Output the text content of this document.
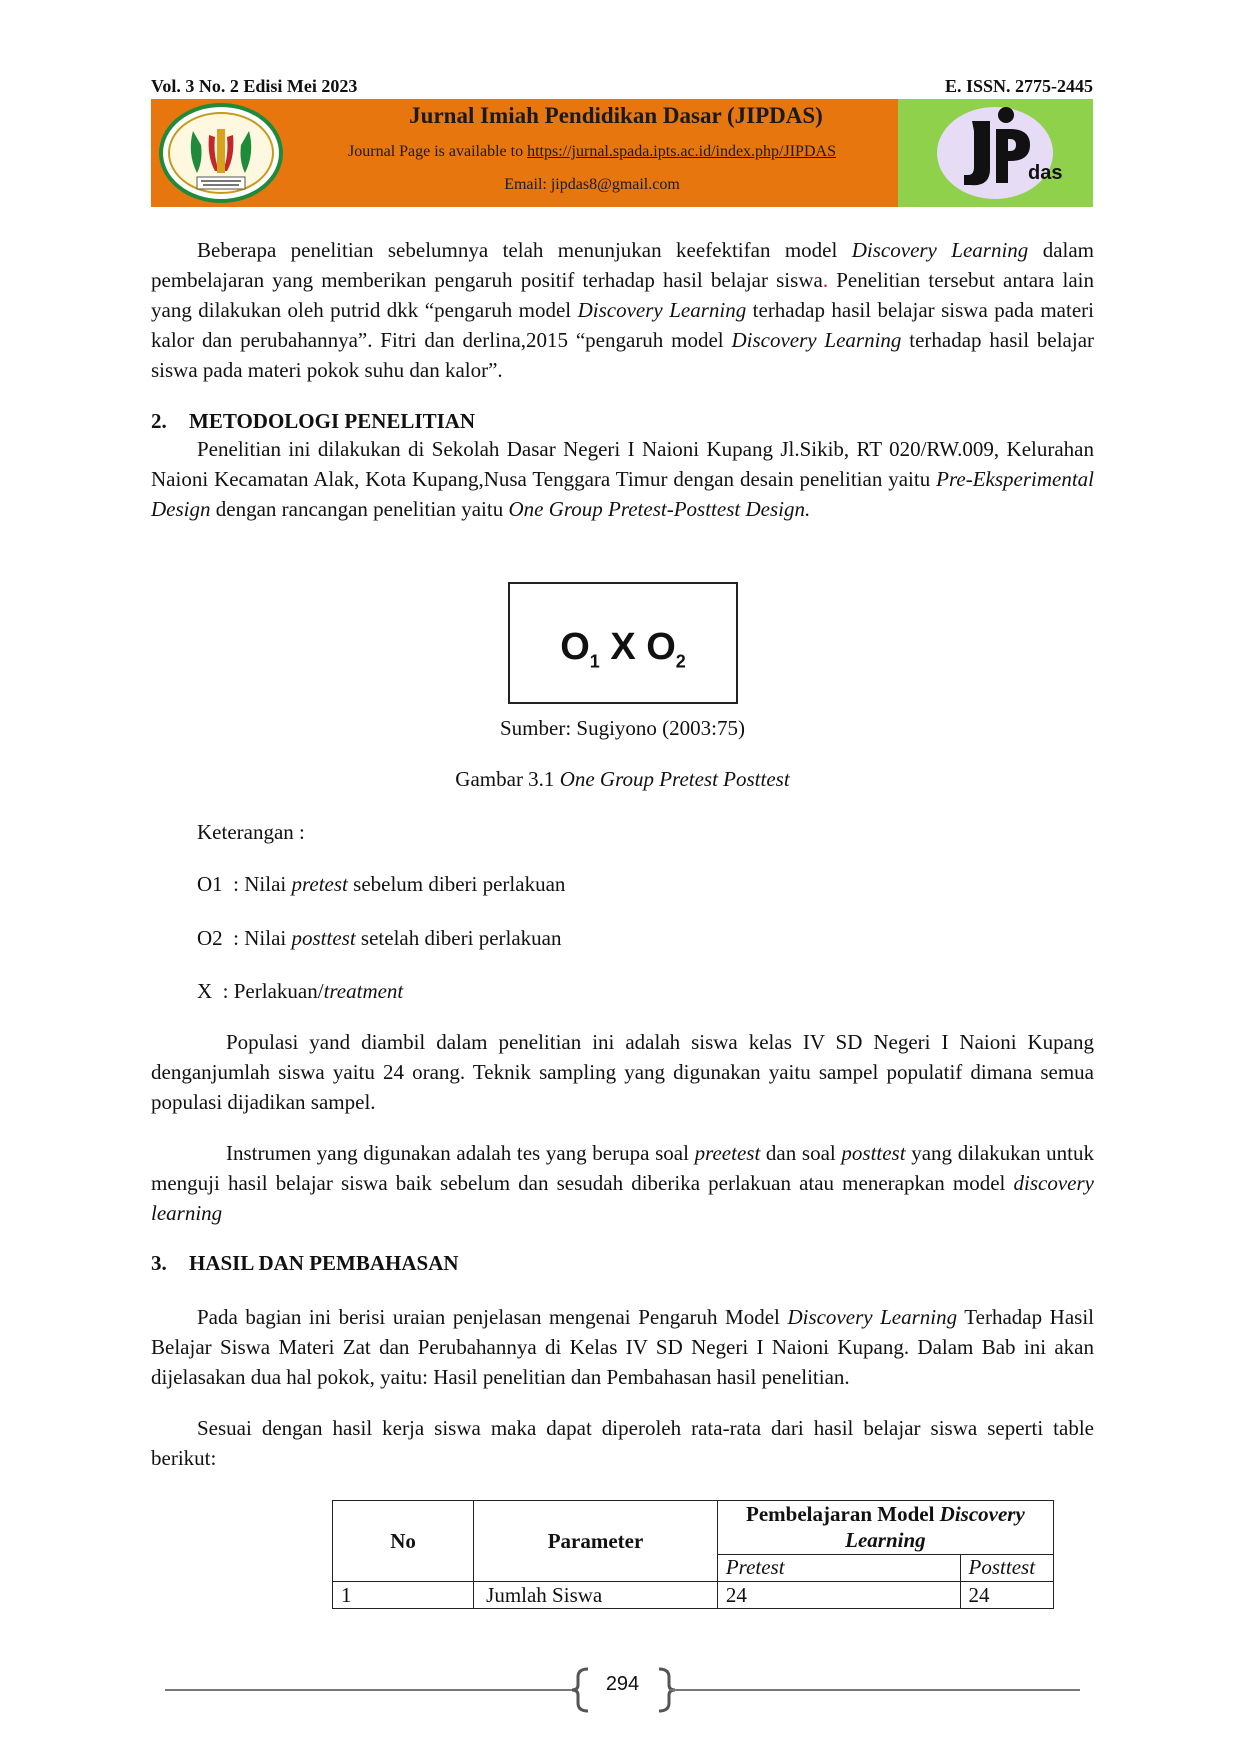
Vol. 3 No. 2 Edisi Mei 2023	E. ISSN. 2775-2445
Jurnal Imiah Pendidikan Dasar (JIPDAS)
Journal Page is available to https://jurnal.spada.ipts.ac.id/index.php/JIPDAS
Email: jipdas8@gmail.com
das

Beberapa penelitian sebelumnya telah menunjukan keefektifan model Discovery Learning dalam pembelajaran yang memberikan pengaruh positif terhadap hasil belajar siswa. Penelitian tersebut antara lain yang dilakukan oleh putrid dkk “pengaruh model Discovery Learning terhadap hasil belajar siswa pada materi kalor dan perubahannya”. Fitri dan derlina,2015 “pengaruh model Discovery Learning terhadap hasil belajar siswa pada materi pokok suhu dan kalor”.

2. METODOLOGI PENELITIAN

Penelitian ini dilakukan di Sekolah Dasar Negeri I Naioni Kupang Jl.Sikib, RT 020/RW.009, Kelurahan Naioni Kecamatan Alak, Kota Kupang,Nusa Tenggara Timur dengan desain penelitian yaitu Pre-Eksperimental Design dengan rancangan penelitian yaitu One Group Pretest-Posttest Design.

$O_1$ X $O_2$
Sumber: Sugiyono (2003:75)
Gambar 3.1 One Group Pretest Posttest
Keterangan :
O1  : Nilai pretest sebelum diberi perlakuan
O2  : Nilai posttest setelah diberi perlakuan
X  : Perlakuan/treatment

Populasi yand diambil dalam penelitian ini adalah siswa kelas IV SD Negeri I Naioni Kupang denganjumlah siswa yaitu 24 orang. Teknik sampling yang digunakan yaitu sampel populatif dimana semua populasi dijadikan sampel.

Instrumen yang digunakan adalah tes yang berupa soal preetest dan soal posttest yang dilakukan untuk menguji hasil belajar siswa baik sebelum dan sesudah diberika perlakuan atau menerapkan model discovery learning

3. HASIL DAN PEMBAHASAN

Pada bagian ini berisi uraian penjelasan mengenai Pengaruh Model Discovery Learning Terhadap Hasil Belajar Siswa Materi Zat dan Perubahannya di Kelas IV SD Negeri I Naioni Kupang. Dalam Bab ini akan dijelasakan dua hal pokok, yaitu: Hasil penelitian dan Pembahasan hasil penelitian.

Sesuai dengan hasil kerja siswa maka dapat diperoleh rata-rata dari hasil belajar siswa seperti table berikut:

No	Parameter	Pembelajaran Model Discovery Learning	
		Pretest	Posttest
1	Jumlah Siswa	24	24
294
